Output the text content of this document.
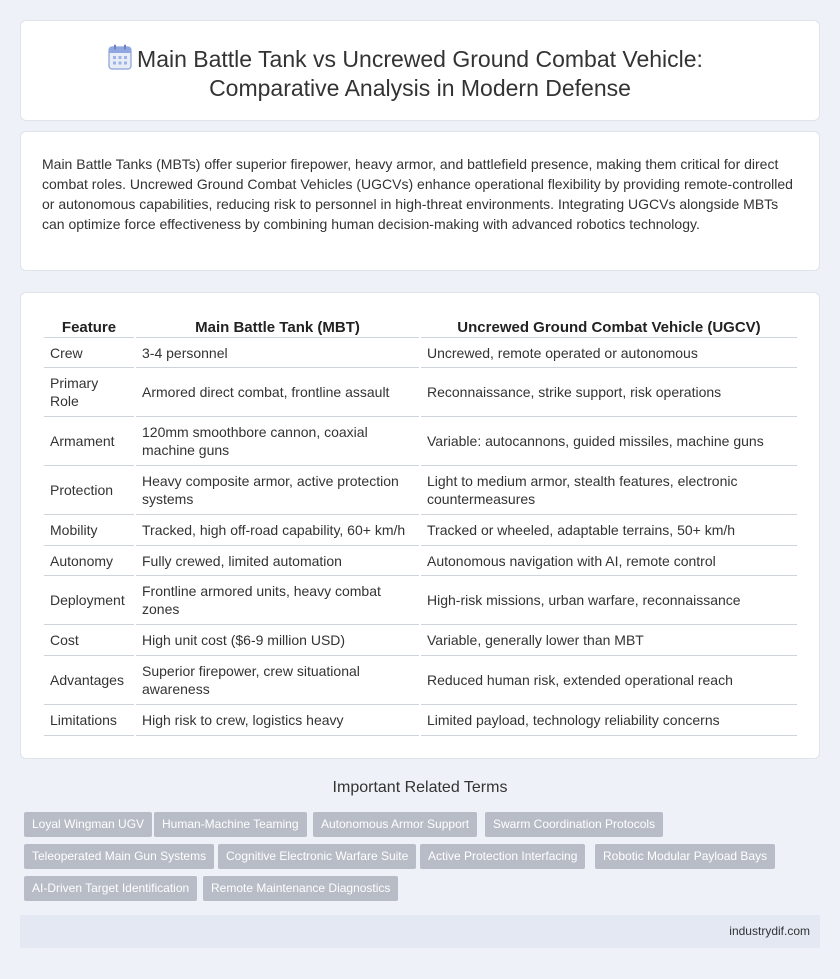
Main Battle Tank vs Uncrewed Ground Combat Vehicle:
Comparative Analysis in Modern Defense

Main Battle Tanks (MBTs) offer superior firepower, heavy armor, and battlefield presence, making them critical for direct combat roles. Uncrewed Ground Combat Vehicles (UGCVs) enhance operational flexibility by providing remote-controlled or autonomous capabilities, reducing risk to personnel in high-threat environments. Integrating UGCVs alongside MBTs can optimize force effectiveness by combining human decision-making with advanced robotics technology.

Feature	Main Battle Tank (MBT)	Uncrewed Ground Combat Vehicle (UGCV)
Crew	3-4 personnel	Uncrewed, remote operated or autonomous
Primary Role	Armored direct combat, frontline assault	Reconnaissance, strike support, risk operations
Armament	120mm smoothbore cannon, coaxial machine guns	Variable: autocannons, guided missiles, machine guns
Protection	Heavy composite armor, active protection systems	Light to medium armor, stealth features, electronic countermeasures
Mobility	Tracked, high off-road capability, 60+ km/h	Tracked or wheeled, adaptable terrains, 50+ km/h
Autonomy	Fully crewed, limited automation	Autonomous navigation with AI, remote control
Deployment	Frontline armored units, heavy combat zones	High-risk missions, urban warfare, reconnaissance
Cost	High unit cost ($6-9 million USD)	Variable, generally lower than MBT
Advantages	Superior firepower, crew situational awareness	Reduced human risk, extended operational reach
Limitations	High risk to crew, logistics heavy	Limited payload, technology reliability concerns
Important Related Terms
Loyal Wingman UGV	Human-Machine Teaming	Autonomous Armor Support	Swarm Coordination Protocols
Teleoperated Main Gun Systems	Cognitive Electronic Warfare Suite	Active Protection Interfacing	Robotic Modular Payload Bays
AI-Driven Target Identification	Remote Maintenance Diagnostics
industrydif.com
